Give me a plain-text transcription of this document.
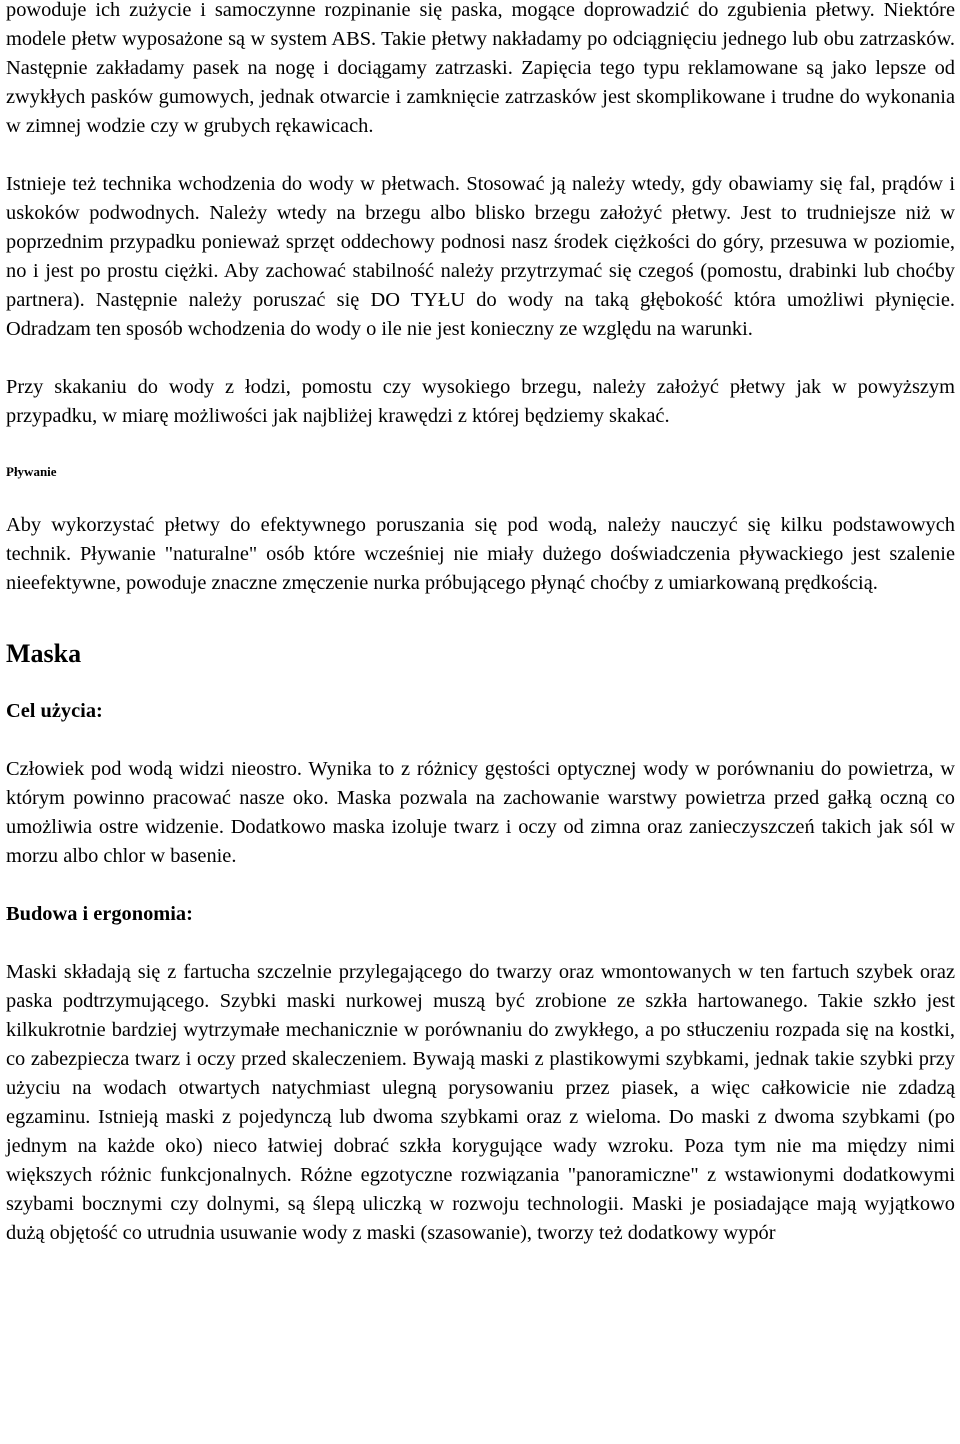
powoduje ich zużycie i samoczynne rozpinanie się paska, mogące doprowadzić do zgubienia płetwy. Niektóre modele płetw wyposażone są w system ABS. Takie płetwy nakładamy po odciągnięciu jednego lub obu zatrzasków. Następnie zakładamy pasek na nogę i dociągamy zatrzaski. Zapięcia tego typu reklamowane są jako lepsze od zwykłych pasków gumowych, jednak otwarcie i zamknięcie zatrzasków jest skomplikowane i trudne do wykonania w zimnej wodzie czy w grubych rękawicach.

Istnieje też technika wchodzenia do wody w płetwach. Stosować ją należy wtedy, gdy obawiamy się fal, prądów i uskoków podwodnych. Należy wtedy na brzegu albo blisko brzegu założyć płetwy. Jest to trudniejsze niż w poprzednim przypadku ponieważ sprzęt oddechowy podnosi nasz środek ciężkości do góry, przesuwa w poziomie, no i jest po prostu ciężki. Aby zachować stabilność należy przytrzymać się czegoś (pomostu, drabinki lub choćby partnera). Następnie należy poruszać się DO TYŁU do wody na taką głębokość która umożliwi płynięcie. Odradzam ten sposób wchodzenia do wody o ile nie jest konieczny ze względu na warunki.

Przy skakaniu do wody z łodzi, pomostu czy wysokiego brzegu, należy założyć płetwy jak w powyższym przypadku, w miarę możliwości jak najbliżej krawędzi z której będziemy skakać.

Pływanie

Aby wykorzystać płetwy do efektywnego poruszania się pod wodą, należy nauczyć się kilku podstawowych technik. Pływanie "naturalne" osób które wcześniej nie miały dużego doświadczenia pływackiego jest szalenie nieefektywne, powoduje znaczne zmęczenie nurka próbującego płynąć choćby z umiarkowaną prędkością.

Maska
Cel użycia:

Człowiek pod wodą widzi nieostro. Wynika to z różnicy gęstości optycznej wody w porównaniu do powietrza, w którym powinno pracować nasze oko. Maska pozwala na zachowanie warstwy powietrza przed gałką oczną co umożliwia ostre widzenie. Dodatkowo maska izoluje twarz i oczy od zimna oraz zanieczyszczeń takich jak sól w morzu albo chlor w basenie.

Budowa i ergonomia:

Maski składają się z fartucha szczelnie przylegającego do twarzy oraz wmontowanych w ten fartuch szybek oraz paska podtrzymującego. Szybki maski nurkowej muszą być zrobione ze szkła hartowanego. Takie szkło jest kilkukrotnie bardziej wytrzymałe mechanicznie w porównaniu do zwykłego, a po stłuczeniu rozpada się na kostki, co zabezpiecza twarz i oczy przed skaleczeniem. Bywają maski z plastikowymi szybkami, jednak takie szybki przy użyciu na wodach otwartych natychmiast ulegną porysowaniu przez piasek, a więc całkowicie nie zdadzą egzaminu. Istnieją maski z pojedynczą lub dwoma szybkami oraz z wieloma. Do maski z dwoma szybkami (po jednym na każde oko) nieco łatwiej dobrać szkła korygujące wady wzroku. Poza tym nie ma między nimi większych różnic funkcjonalnych. Różne egzotyczne rozwiązania "panoramiczne" z wstawionymi dodatkowymi szybami bocznymi czy dolnymi, są ślepą uliczką w rozwoju technologii. Maski je posiadające mają wyjątkowo dużą objętość co utrudnia usuwanie wody z maski (szasowanie), tworzy też dodatkowy wypór
